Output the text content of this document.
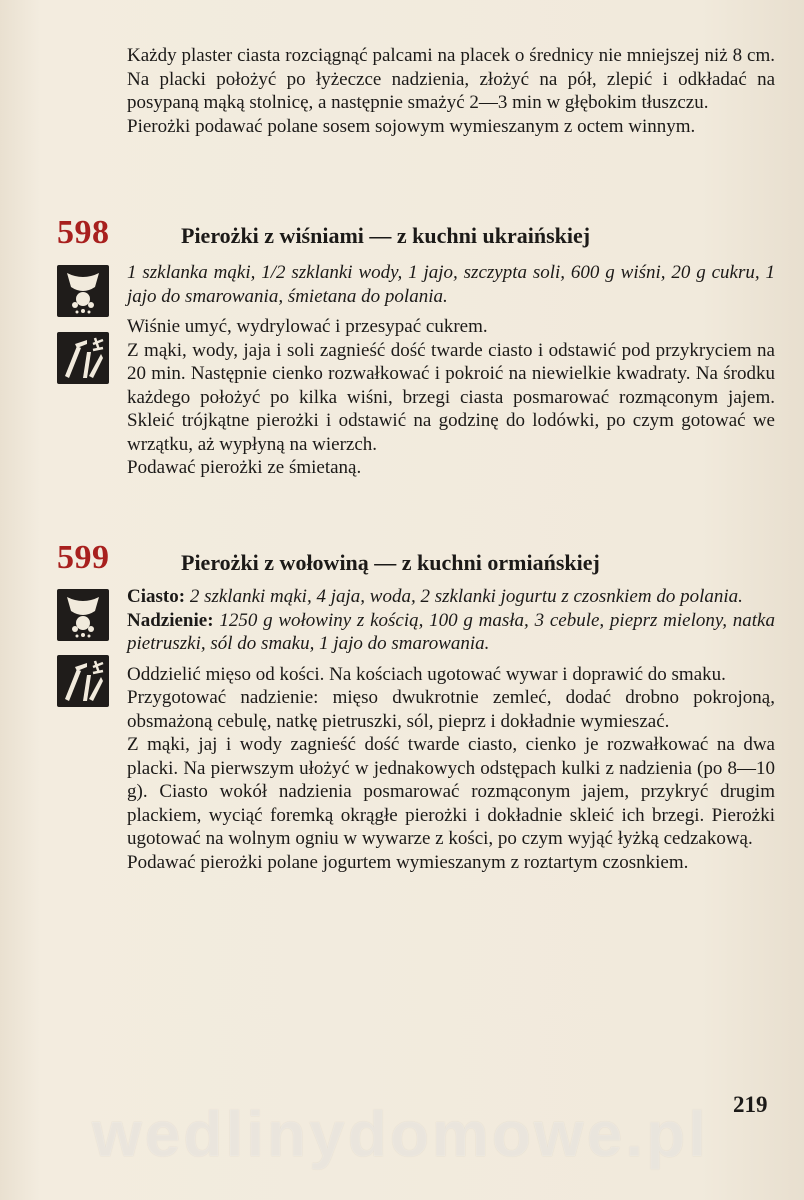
Każdy plaster ciasta rozciągnąć palcami na placek o średnicy nie mniejszej niż 8 cm. Na placki położyć po łyżeczce nadzienia, złożyć na pół, zlepić i odkładać na posypaną mąką stolnicę, a następnie smażyć 2—3 min w głębokim tłuszczu.

Pierożki podawać polane sosem sojowym wymieszanym z octem winnym.

598	Pierożki z wiśniami — z kuchni ukraińskiej

1 szklanka mąki, 1/2 szklanki wody, 1 jajo, szczypta soli, 600 g wiśni, 20 g cukru, 1 jajo do smarowania, śmietana do polania.

Wiśnie umyć, wydrylować i przesypać cukrem.

Z mąki, wody, jaja i soli zagnieść dość twarde ciasto i odstawić pod przykryciem na 20 min. Następnie cienko rozwałkować i pokroić na niewielkie kwadraty. Na środku każdego położyć po kilka wiśni, brzegi ciasta posmarować rozmąconym jajem. Skleić trójkątne pierożki i odstawić na godzinę do lodówki, po czym gotować we wrzątku, aż wypłyną na wierzch.

Podawać pierożki ze śmietaną.

599	Pierożki z wołowiną — z kuchni ormiańskiej

Ciasto: 2 szklanki mąki, 4 jaja, woda, 2 szklanki jogurtu z czosnkiem do polania.

Nadzienie: 1250 g wołowiny z kością, 100 g masła, 3 cebule, pieprz mielony, natka pietruszki, sól do smaku, 1 jajo do smarowania.

Oddzielić mięso od kości. Na kościach ugotować wywar i doprawić do smaku.

Przygotować nadzienie: mięso dwukrotnie zemleć, dodać drobno pokrojoną, obsmażoną cebulę, natkę pietruszki, sól, pieprz i dokładnie wymieszać.

Z mąki, jaj i wody zagnieść dość twarde ciasto, cienko je rozwałkować na dwa placki. Na pierwszym ułożyć w jednakowych odstępach kulki z nadzienia (po 8—10 g). Ciasto wokół nadzienia posmarować rozmąconym jajem, przykryć drugim plackiem, wyciąć foremką okrągłe pierożki i dokładnie skleić ich brzegi. Pierożki ugotować na wolnym ogniu w wywarze z kości, po czym wyjąć łyżką cedzakową.

Podawać pierożki polane jogurtem wymieszanym z roztartym czosnkiem.

wedlinydomowe.pl 219
